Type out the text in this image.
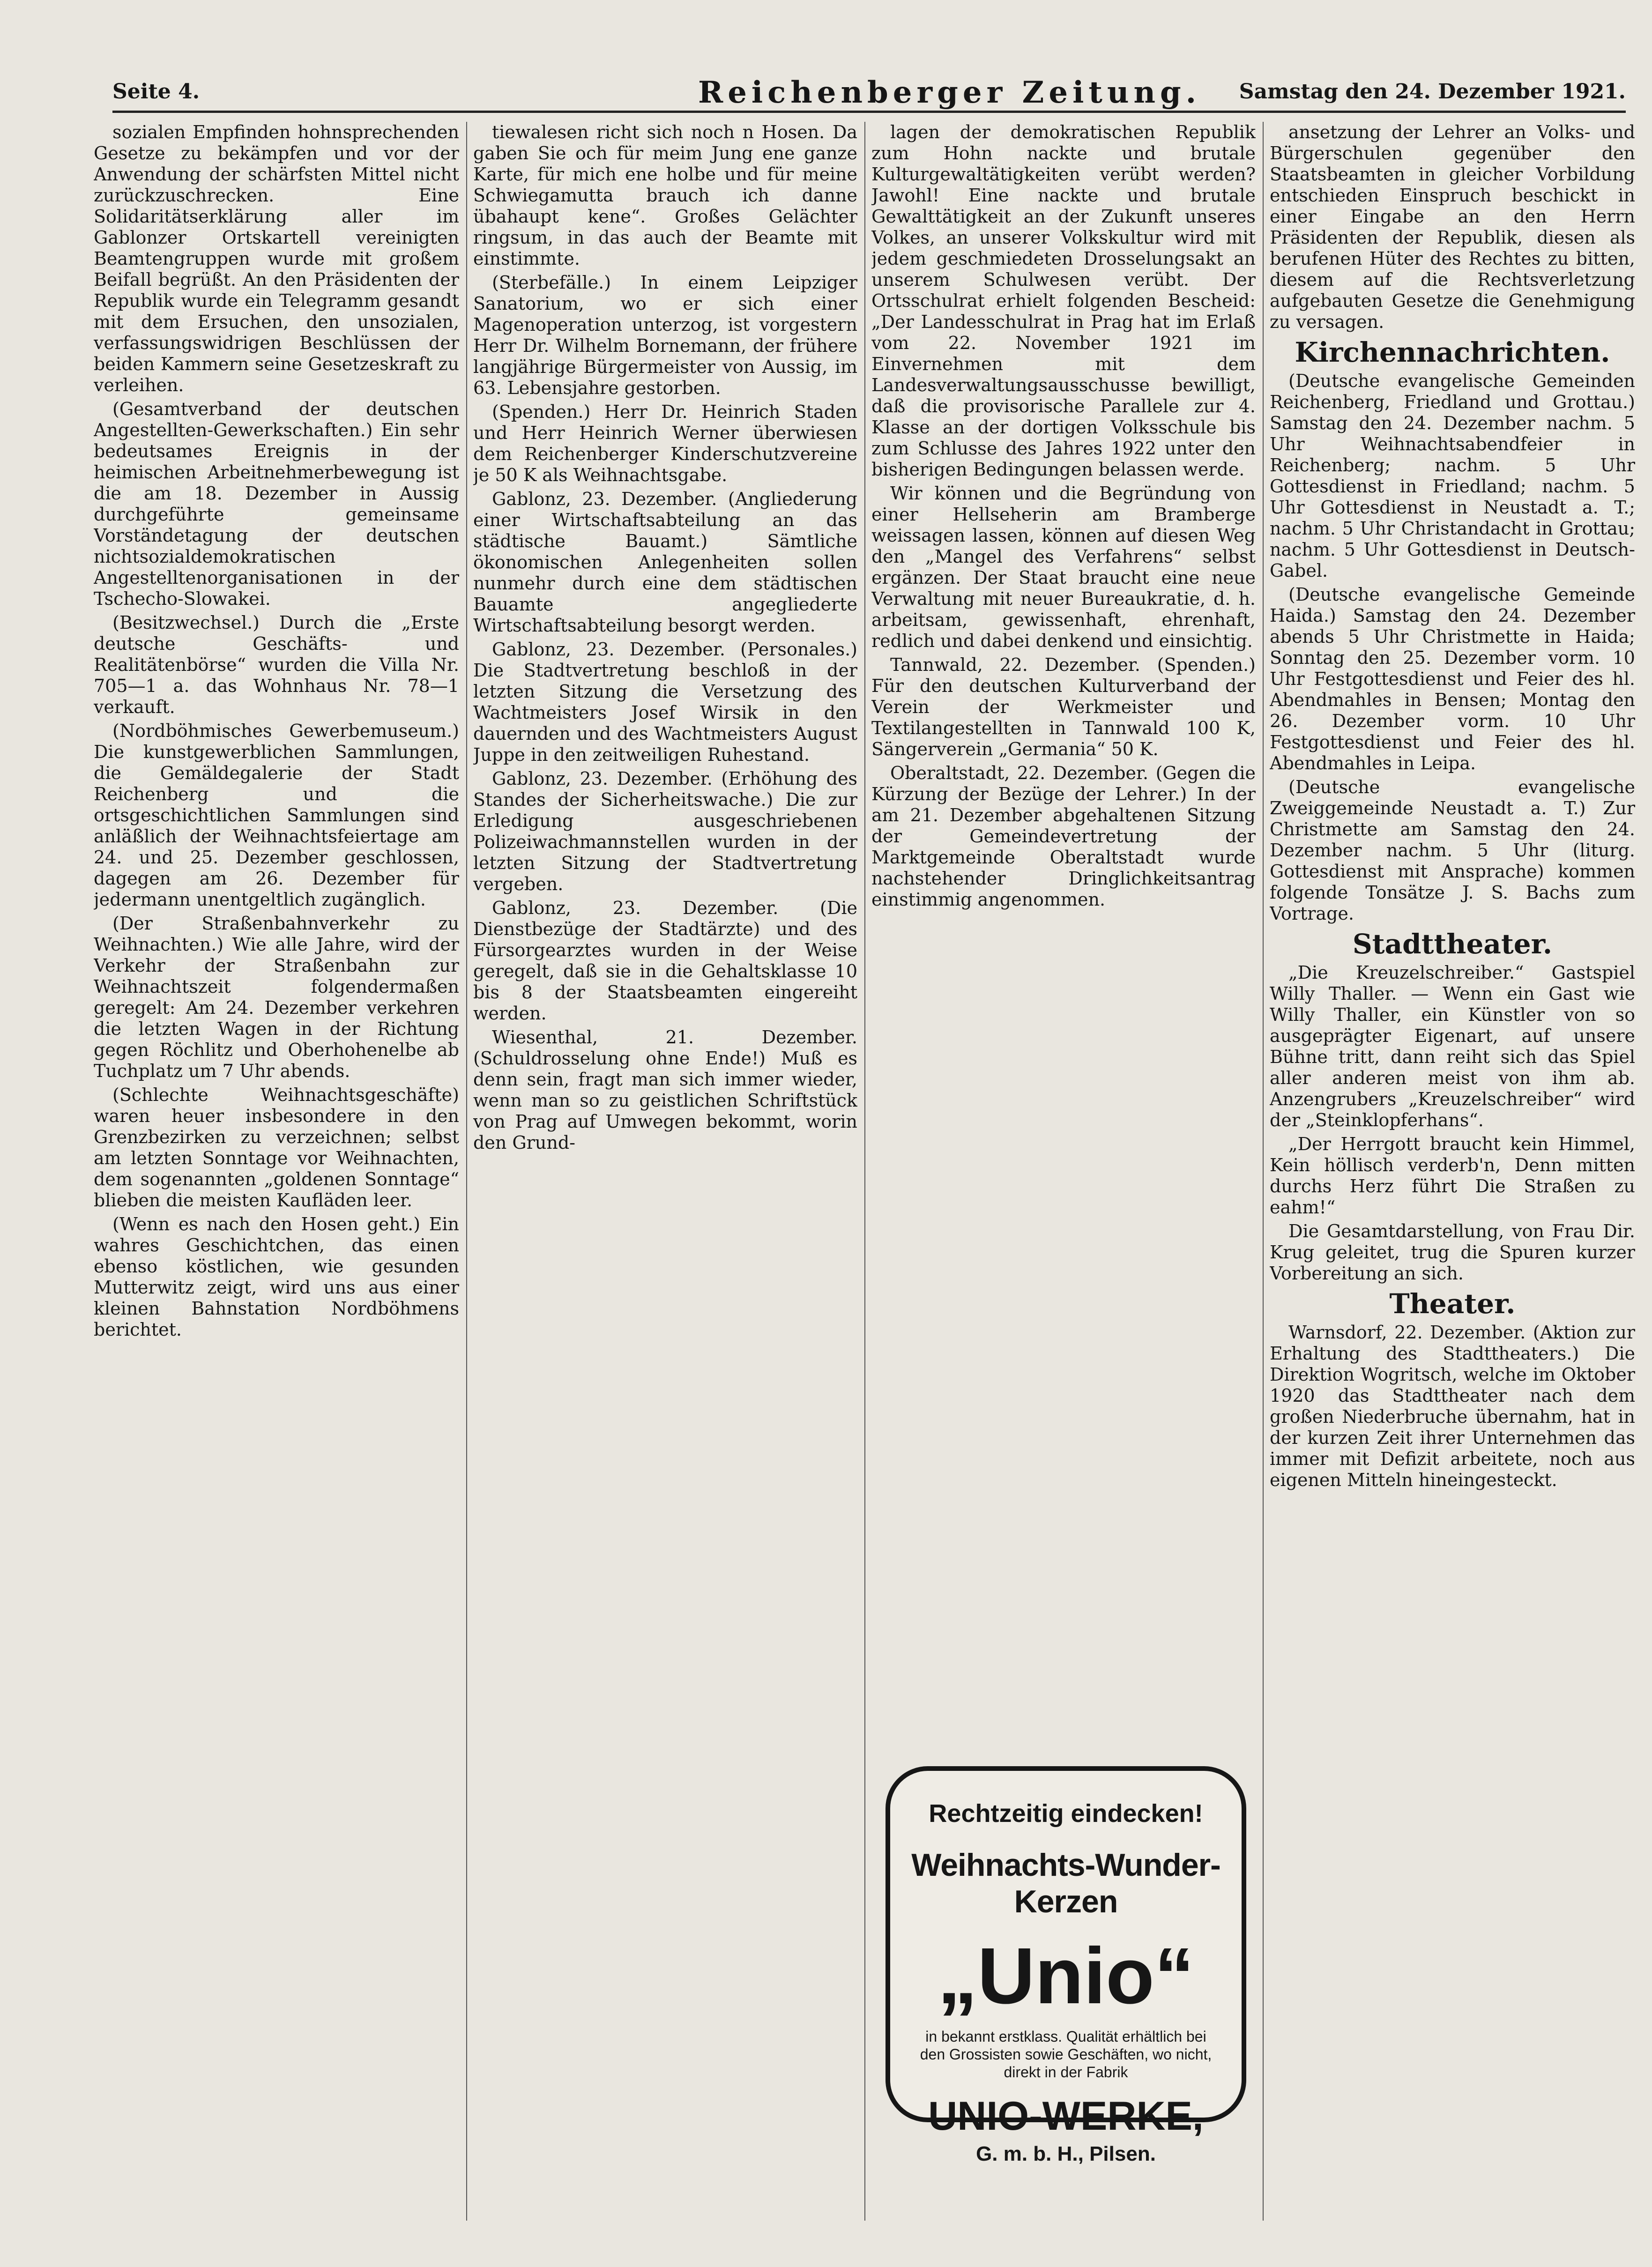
Seite 4.	Reichenberger Zeitung. Samstag den 24. Dezember 1921.

sozialen Empfinden hohnsprechenden Gesetze zu bekämpfen und vor der Anwendung der schärfsten Mittel nicht zurückzuschrecken. Eine Solidaritätserklärung aller im Gablonzer Ortskartell vereinigten Beamtengruppen wurde mit großem Beifall begrüßt. An den Präsidenten der Republik wurde ein Telegramm gesandt mit dem Ersuchen, den unsozialen, verfassungswidrigen Beschlüssen der beiden Kammern seine Gesetzeskraft zu verleihen.

(Gesamtverband der deutschen Angestellten-Gewerkschaften.) Ein sehr bedeutsames Ereignis in der heimischen Arbeitnehmerbewegung ist die am 18. Dezember in Aussig durchgeführte gemeinsame Vorständetagung der deutschen nichtsozialdemokratischen Angestelltenorganisationen in der Tschecho-Slowakei.

(Besitzwechsel.) Durch die „Erste deutsche Geschäfts- und Realitätenbörse“ wurden die Villa Nr. 705—1 a. das Wohnhaus Nr. 78—1 verkauft.

(Nordböhmisches Gewerbemuseum.) Die kunstgewerblichen Sammlungen, die Gemäldegalerie der Stadt Reichenberg und die ortsgeschichtlichen Sammlungen sind anläßlich der Weihnachtsfeiertage am 24. und 25. Dezember geschlossen, dagegen am 26. Dezember für jedermann unentgeltlich zugänglich.

(Der Straßenbahnverkehr zu Weihnachten.) Wie alle Jahre, wird der Verkehr der Straßenbahn zur Weihnachtszeit folgendermaßen geregelt: Am 24. Dezember verkehren die letzten Wagen in der Richtung gegen Röchlitz und Oberhohenelbe ab Tuchplatz um 7 Uhr abends.

(Schlechte Weihnachtsgeschäfte) waren heuer insbesondere in den Grenzbezirken zu verzeichnen; selbst am letzten Sonntage vor Weihnachten, dem sogenannten „goldenen Sonntage“ blieben die meisten Kaufläden leer.

(Wenn es nach den Hosen geht.) Ein wahres Geschichtchen, das einen ebenso köstlichen, wie gesunden Mutterwitz zeigt, wird uns aus einer kleinen Bahnstation Nordböhmens berichtet.

tiewalesen richt sich noch n Hosen. Da gaben Sie och für meim Jung ene ganze Karte, für mich ene holbe und für meine Schwiegamutta brauch ich danne übahaupt kene“. Großes Gelächter ringsum, in das auch der Beamte mit einstimmte.

(Sterbefälle.) In einem Leipziger Sanatorium, wo er sich einer Magenoperation unterzog, ist vorgestern Herr Dr. Wilhelm Bornemann, der frühere langjährige Bürgermeister von Aussig, im 63. Lebensjahre gestorben.

(Spenden.) Herr Dr. Heinrich Staden und Herr Heinrich Werner überwiesen dem Reichenberger Kinderschutzvereine je 50 K als Weihnachtsgabe.

Gablonz, 23. Dezember. (Angliederung einer Wirtschaftsabteilung an das städtische Bauamt.) Sämtliche ökonomischen Anlegenheiten sollen nunmehr durch eine dem städtischen Bauamte angegliederte Wirtschaftsabteilung besorgt werden.

Gablonz, 23. Dezember. (Personales.) Die Stadtvertretung beschloß in der letzten Sitzung die Versetzung des Wachtmeisters Josef Wirsik in den dauernden und des Wachtmeisters August Juppe in den zeitweiligen Ruhestand.

Gablonz, 23. Dezember. (Erhöhung des Standes der Sicherheitswache.) Die zur Erledigung ausgeschriebenen Polizeiwachmannstellen wurden in der letzten Sitzung der Stadtvertretung vergeben.

Gablonz, 23. Dezember. (Die Dienstbezüge der Stadtärzte) und des Fürsorgearztes wurden in der Weise geregelt, daß sie in die Gehaltsklasse 10 bis 8 der Staatsbeamten eingereiht werden.

Wiesenthal, 21. Dezember. (Schuldrosselung ohne Ende!) Muß es denn sein, fragt man sich immer wieder, wenn man so zu geistlichen Schriftstück von Prag auf Umwegen bekommt, worin den Grund-

lagen der demokratischen Republik zum Hohn nackte und brutale Kulturgewaltätigkeiten verübt werden? Jawohl! Eine nackte und brutale Gewalttätigkeit an der Zukunft unseres Volkes, an unserer Volkskultur wird mit jedem geschmiedeten Drosselungsakt an unserem Schulwesen verübt. Der Ortsschulrat erhielt folgenden Bescheid: „Der Landesschulrat in Prag hat im Erlaß vom 22. November 1921 im Einvernehmen mit dem Landesverwaltungsausschusse bewilligt, daß die provisorische Parallele zur 4. Klasse an der dortigen Volksschule bis zum Schlusse des Jahres 1922 unter den bisherigen Bedingungen belassen werde.

Wir können und die Begründung von einer Hellseherin am Bramberge weissagen lassen, können auf diesen Weg den „Mangel des Verfahrens“ selbst ergänzen. Der Staat braucht eine neue Verwaltung mit neuer Bureaukratie, d. h. arbeitsam, gewissenhaft, ehrenhaft, redlich und dabei denkend und einsichtig.

Tannwald, 22. Dezember. (Spenden.) Für den deutschen Kulturverband der Verein der Werkmeister und Textilangestellten in Tannwald 100 K, Sängerverein „Germania“ 50 K.

Oberaltstadt, 22. Dezember. (Gegen die Kürzung der Bezüge der Lehrer.) In der am 21. Dezember abgehaltenen Sitzung der Gemeindevertretung der Marktgemeinde Oberaltstadt wurde nachstehender Dringlichkeitsantrag einstimmig angenommen.

Rechtzeitig eindecken!
Weihnachts-Wunder-Kerzen
„Unio“
in bekannt erstklass. Qualität erhältlich bei den Grossisten sowie Geschäften, wo nicht, direkt in der Fabrik
UNIO-WERKE,
G. m. b. H., Pilsen.

ansetzung der Lehrer an Volks- und Bürgerschulen gegenüber den Staatsbeamten in gleicher Vorbildung entschieden Einspruch beschickt in einer Eingabe an den Herrn Präsidenten der Republik, diesen als berufenen Hüter des Rechtes zu bitten, diesem auf die Rechtsverletzung aufgebauten Gesetze die Genehmigung zu versagen.

Kirchennachrichten.

(Deutsche evangelische Gemeinden Reichenberg, Friedland und Grottau.) Samstag den 24. Dezember nachm. 5 Uhr Weihnachtsabendfeier in Reichenberg; nachm. 5 Uhr Gottesdienst in Friedland; nachm. 5 Uhr Gottesdienst in Neustadt a. T.; nachm. 5 Uhr Christandacht in Grottau; nachm. 5 Uhr Gottesdienst in Deutsch-Gabel.

(Deutsche evangelische Gemeinde Haida.) Samstag den 24. Dezember abends 5 Uhr Christmette in Haida; Sonntag den 25. Dezember vorm. 10 Uhr Festgottesdienst und Feier des hl. Abendmahles in Bensen; Montag den 26. Dezember vorm. 10 Uhr Festgottesdienst und Feier des hl. Abendmahles in Leipa.

(Deutsche evangelische Zweiggemeinde Neustadt a. T.) Zur Christmette am Samstag den 24. Dezember nachm. 5 Uhr (liturg. Gottesdienst mit Ansprache) kommen folgende Tonsätze J. S. Bachs zum Vortrage.

Stadttheater.

„Die Kreuzelschreiber.“ Gastspiel Willy Thaller. — Wenn ein Gast wie Willy Thaller, ein Künstler von so ausgeprägter Eigenart, auf unsere Bühne tritt, dann reiht sich das Spiel aller anderen meist von ihm ab. Anzengrubers „Kreuzelschreiber“ wird der „Steinklopferhans“.

„Der Herrgott braucht kein Himmel, Kein höllisch verderb'n, Denn mitten durchs Herz führt Die Straßen zu eahm!“

Die Gesamtdarstellung, von Frau Dir. Krug geleitet, trug die Spuren kurzer Vorbereitung an sich.

Theater.

Warnsdorf, 22. Dezember. (Aktion zur Erhaltung des Stadttheaters.) Die Direktion Wogritsch, welche im Oktober 1920 das Stadttheater nach dem großen Niederbruche übernahm, hat in der kurzen Zeit ihrer Unternehmen das immer mit Defizit arbeitete, noch aus eigenen Mitteln hineingesteckt.
